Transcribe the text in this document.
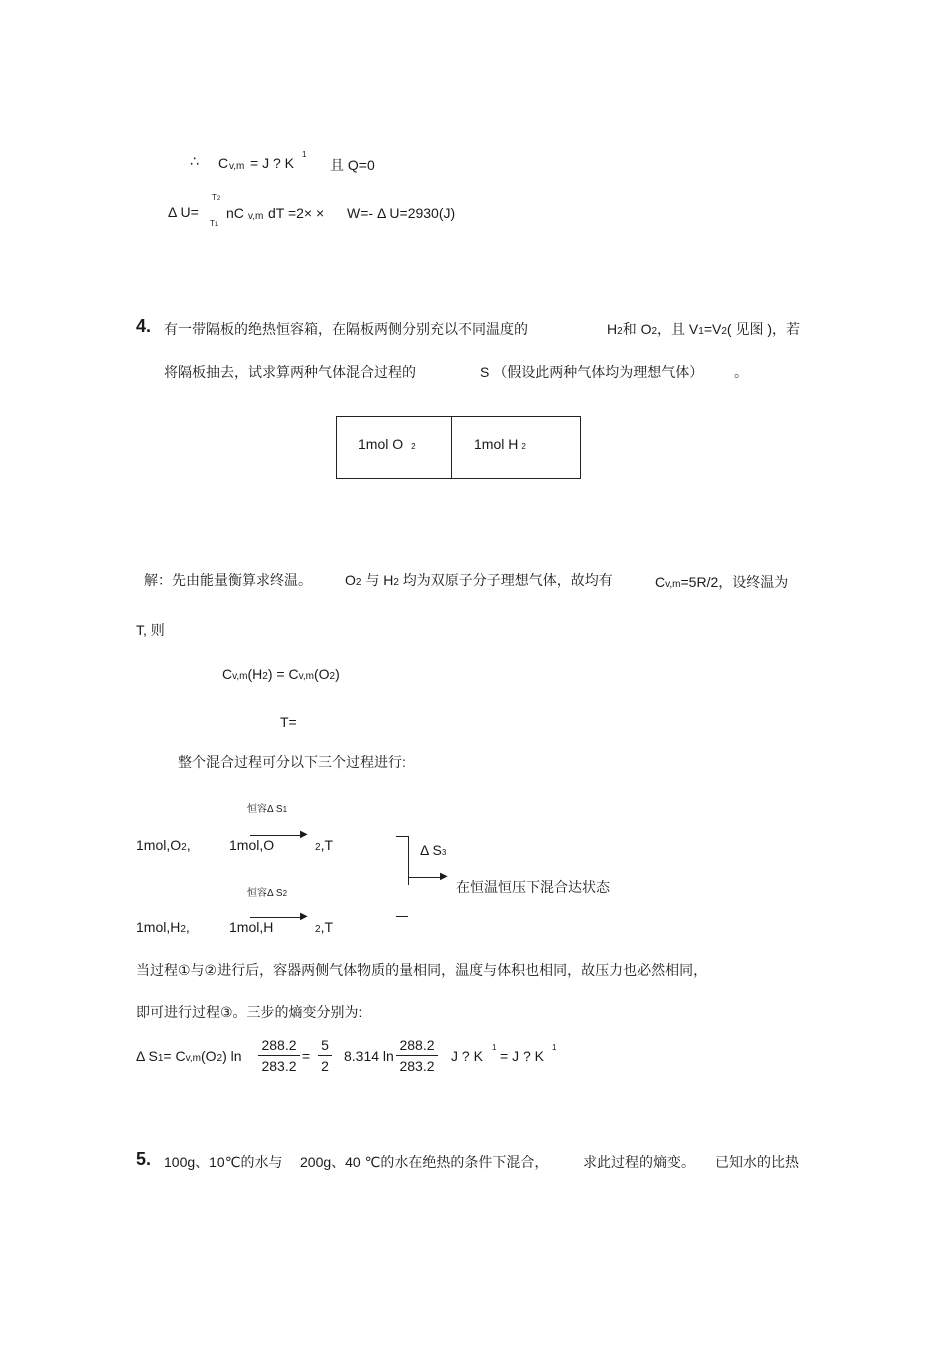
∴ C v,m = J ? K
1
且 Q=0
Δ U=
T2
T1
nC v,m dT =2× × W=- Δ U=2930(J)
4. 有一带隔板的绝热恒容箱，在隔板两侧分别充以不同温度的	H2和 O2，且 V1=V2( 见图 )，若
将隔板抽去，试求算两种气体混合过程的	S （假设此两种气体均为理想气体） 。
1mol O 2	1mol H 2
解：先由能量衡算求终温。 O2 与 H2 均为双原子分子理想气体，故均有	Cv,m=5R/2，设终温为
T, 则
Cv,m(H2) = Cv,m(O2)
T=
整个混合过程可分以下三个过程进行:
恒容Δ S1
1mol,O2,	1mol,O
▶
2,T
▶
Δ S3
在恒温恒压下混合达状态
恒容Δ S2
1mol,H2,	1mol,H
▶
2,T
当过程①与②进行后，容器两侧气体物质的量相同，温度与体积也相同，故压力也必然相同，
即可进行过程③。三步的熵变分别为:
Δ S1= Cv,m(O2) ln
288.2
283.2
=
5
2
8.314 ln
288.2
283.2
J ? K
1
= J ? K
1
5. 100g、10℃的水与 200g、40 ℃的水在绝热的条件下混合， 求此过程的熵变。 已知水的比热
